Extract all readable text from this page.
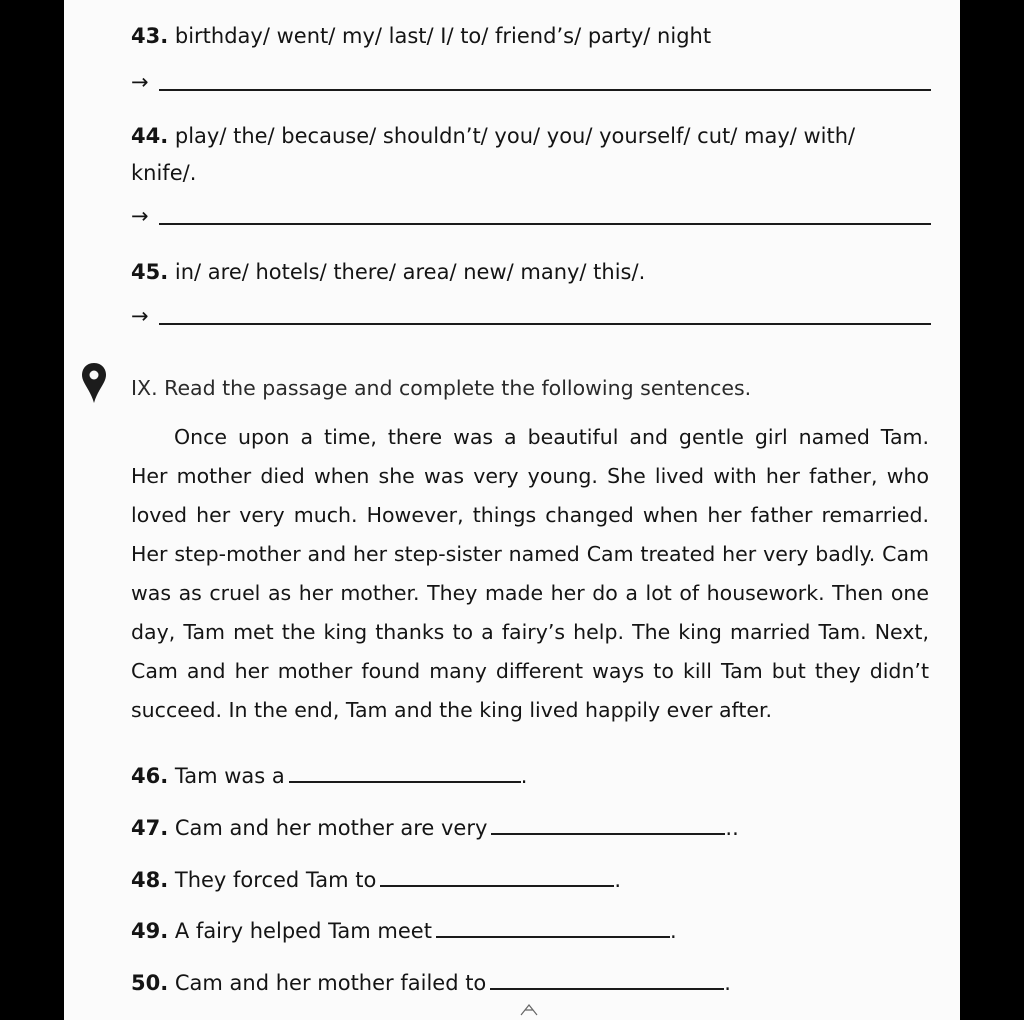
43. birthday/ went/ my/ last/ I/ to/ friend’s/ party/ night
→
44. play/ the/ because/ shouldn’t/ you/ you/ yourself/ cut/ may/ with/
knife/.
→
45. in/ are/ hotels/ there/ area/ new/ many/ this/.
→
IX. Read the passage and complete the following sentences.
Once upon a time, there was a beautiful and gentle girl named Tam.
Her mother died when she was very young. She lived with her father, who
loved her very much. However, things changed when her father remarried.
Her step-mother and her step-sister named Cam treated her very badly. Cam
was as cruel as her mother. They made her do a lot of housework. Then one
day, Tam met the king thanks to a fairy’s help. The king married Tam. Next,
Cam and her mother found many different ways to kill Tam but they didn’t
succeed. In the end, Tam and the king lived happily ever after.
46. Tam was a	.
47. Cam and her mother are very	..
48. They forced Tam to	.
49. A fairy helped Tam meet	.
50. Cam and her mother failed to	.
